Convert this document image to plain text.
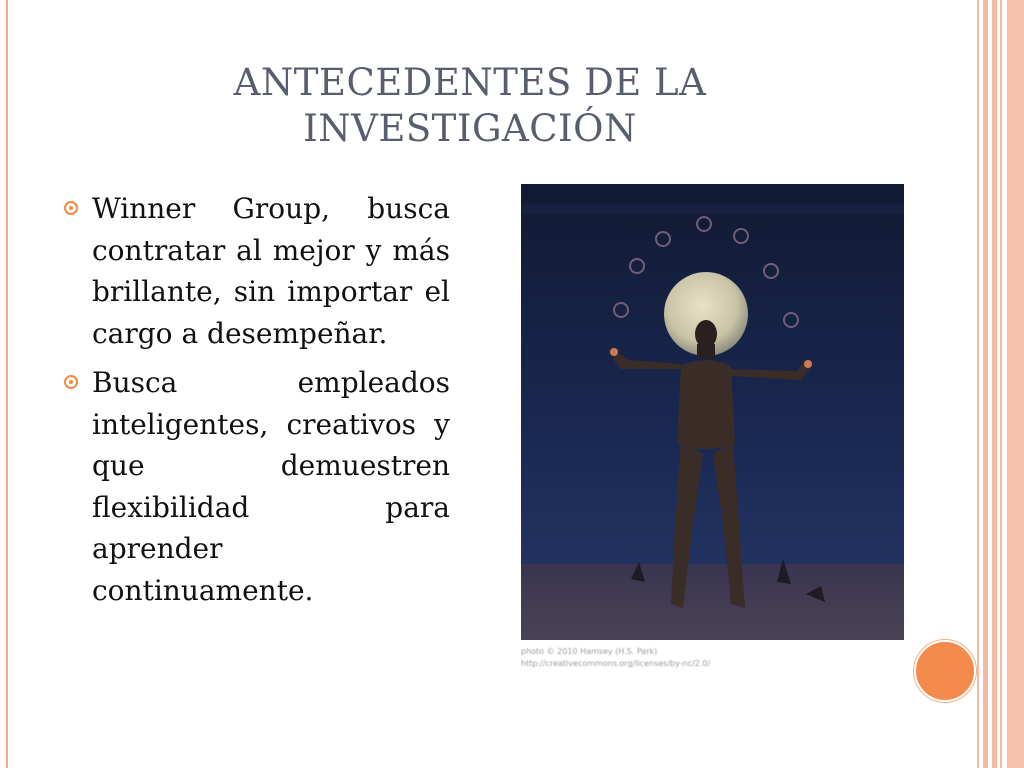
ANTECEDENTES DE LA INVESTIGACIÓN

Winner Group, busca contratar al mejor y más brillante, sin importar el cargo a desempeñar.

Busca empleados inteligentes, creativos y que demuestren flexibilidad para aprender continuamente.

photo © 2010 Hamsey (H.S. Park)
http://creativecommons.org/licenses/by-nc/2.0/
